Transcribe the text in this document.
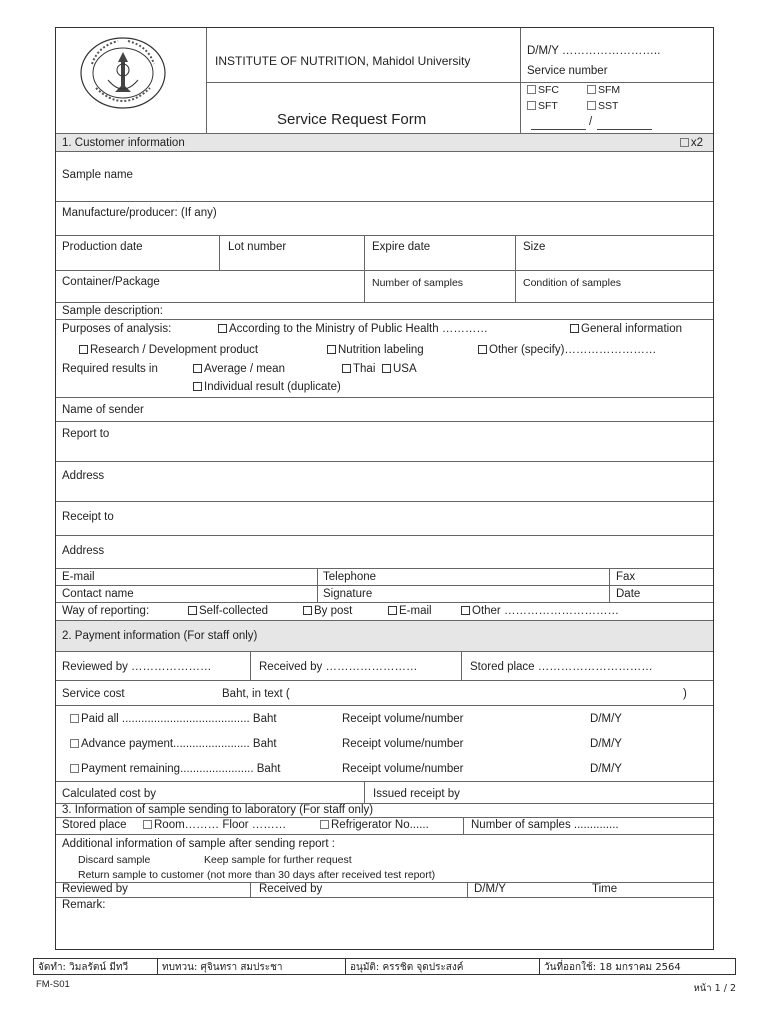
INSTITUTE OF NUTRITION, Mahidol University
Service Request Form
D/M/Y ……………………..
Service number
SFC	SFM
SFT	SST
/
1. Customer information	x2
Sample name
Manufacture/producer: (If any)
Production date	Lot number	Expire date	Size
Container/Package	Number of samples	Condition of samples
Sample description:
Purposes of analysis:	According to the Ministry of Public Health …………	General information
Research / Development product	Nutrition labeling	Other (specify)……………………
Required results in	Average / mean	Thai	USA
Individual result (duplicate)
Name of sender
Report to
Address
Receipt to
Address
E-mail	Telephone	Fax
Contact name	Signature	Date
Way of reporting:	Self-collected	By post	E-mail	Other …………………………
2. Payment information (For staff only)
Reviewed by …………………	Received by ……………………	Stored place …………………………
Service cost	Baht, in text (	)
Paid all ........................................ Baht	Receipt volume/number	D/M/Y
Advance payment........................ Baht	Receipt volume/number	D/M/Y
Payment remaining....................... Baht	Receipt volume/number	D/M/Y
Calculated cost by	Issued receipt by
3. Information of sample sending to laboratory (For staff only)
Stored place	Room……… Floor ………	Refrigerator No......	Number of samples ..............
Additional information of sample after sending report :
Discard sample	Keep sample for further request
Return sample to customer (not more than 30 days after received test report)
Reviewed by	Received by	D/M/Y	Time
Remark:
จัดทำ: วิมลรัตน์ มีทวี	ทบทวน: ศุจินทรา สมประชา	อนุมัติ: ครรชิต จุดประสงค์	วันที่ออกใช้: 18 มกราคม 2564
FM-S01	หน้า 1 / 2
